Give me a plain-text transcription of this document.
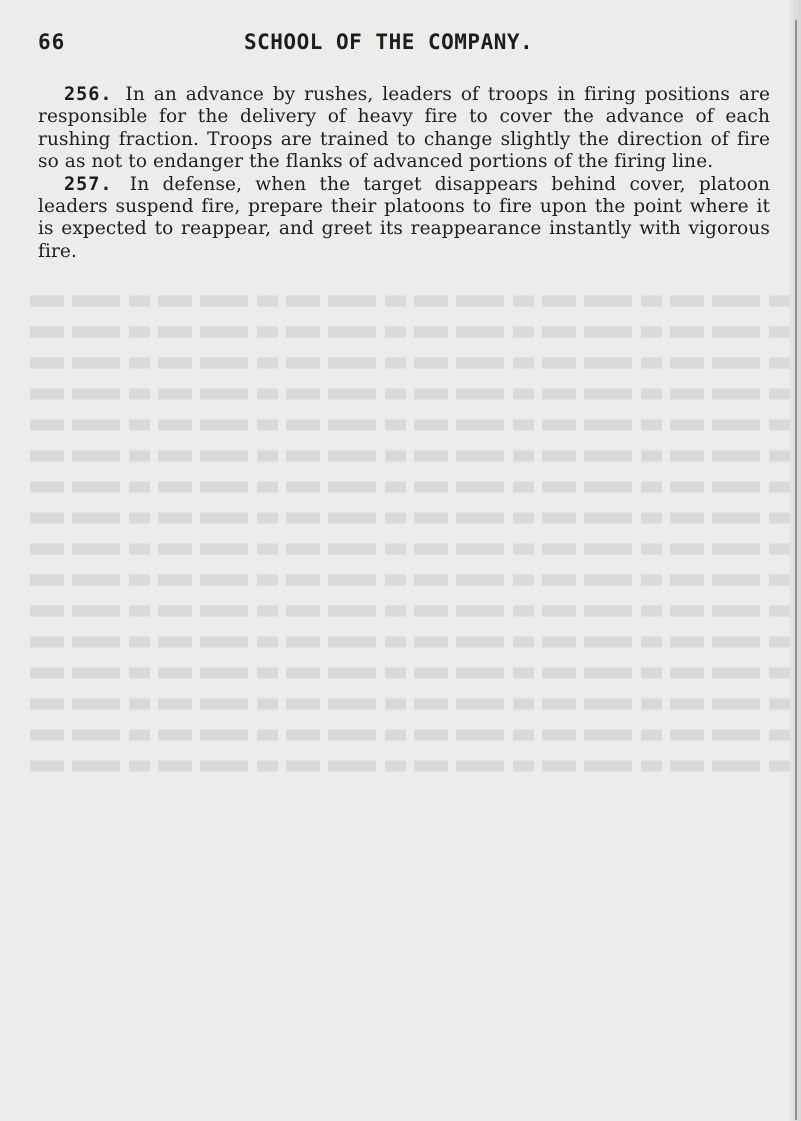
66	SCHOOL OF THE COMPANY.

256. In an advance by rushes, leaders of troops in firing positions are responsible for the delivery of heavy fire to cover the advance of each rushing fraction. Troops are trained to change slightly the direction of fire so as not to endanger the flanks of advanced portions of the firing line.

257. In defense, when the target disappears behind cover, platoon leaders suspend fire, prepare their platoons to fire upon the point where it is expected to reappear, and greet its reappearance instantly with vigorous fire.
